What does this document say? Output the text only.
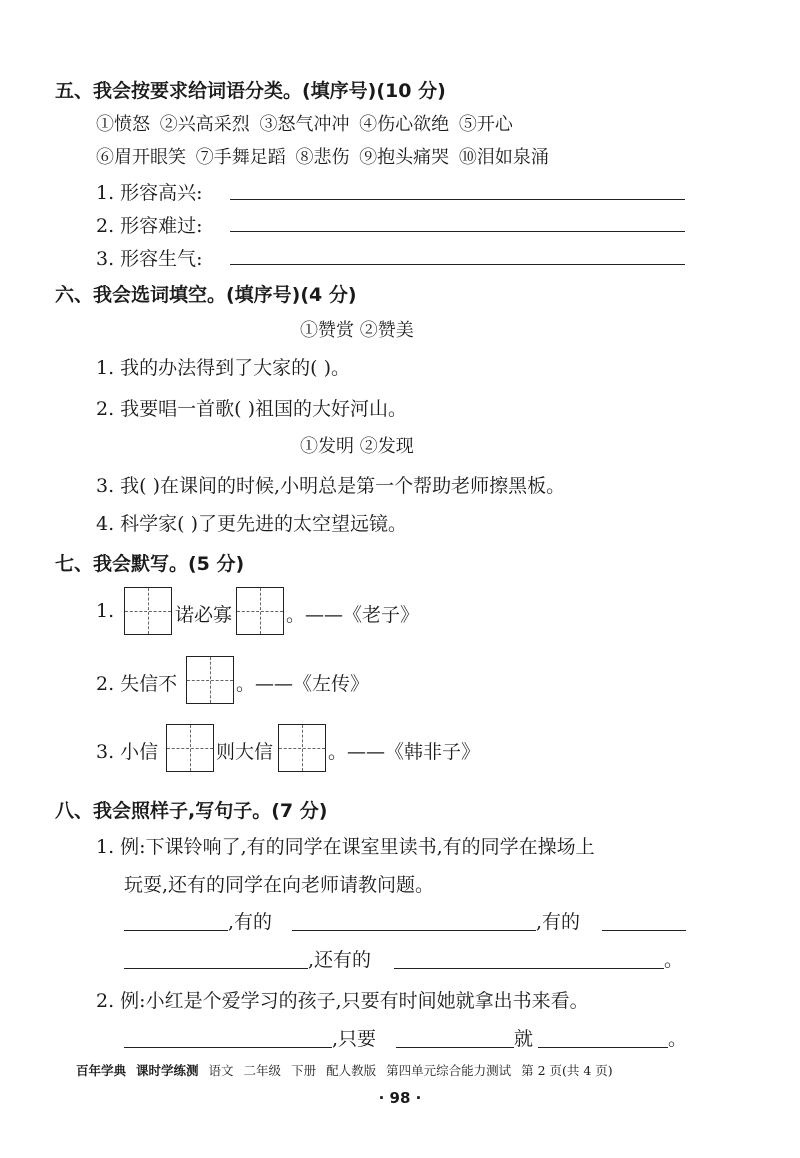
五、我会按要求给词语分类。(填序号)(10 分)
①愤怒 ②兴高采烈 ③怒气冲冲 ④伤心欲绝 ⑤开心
⑥眉开眼笑 ⑦手舞足蹈 ⑧悲伤 ⑨抱头痛哭 ⑩泪如泉涌
1. 形容高兴:
2. 形容难过:
3. 形容生气:
六、我会选词填空。(填序号)(4 分)
①赞赏 ②赞美
1. 我的办法得到了大家的( )。
2. 我要唱一首歌( )祖国的大好河山。
①发明 ②发现
3. 我( )在课间的时候,小明总是第一个帮助老师擦黑板。
4. 科学家( )了更先进的太空望远镜。
七、我会默写。(5 分)
1.	诺必寡	。——《老子》
2. 失信不	。——《左传》
3. 小信	则大信	。——《韩非子》
八、我会照样子,写句子。(7 分)
1. 例:下课铃响了,有的同学在课室里读书,有的同学在操场上
玩耍,还有的同学在向老师请教问题。
,有的	,有的
,还有的	。
2. 例:小红是个爱学习的孩子,只要有时间她就拿出书来看。
,只要	就	。
百年学典 课时学练测 语文 二年级 下册 配人教版 第四单元综合能力测试 第 2 页(共 4 页)
· 98 ·
